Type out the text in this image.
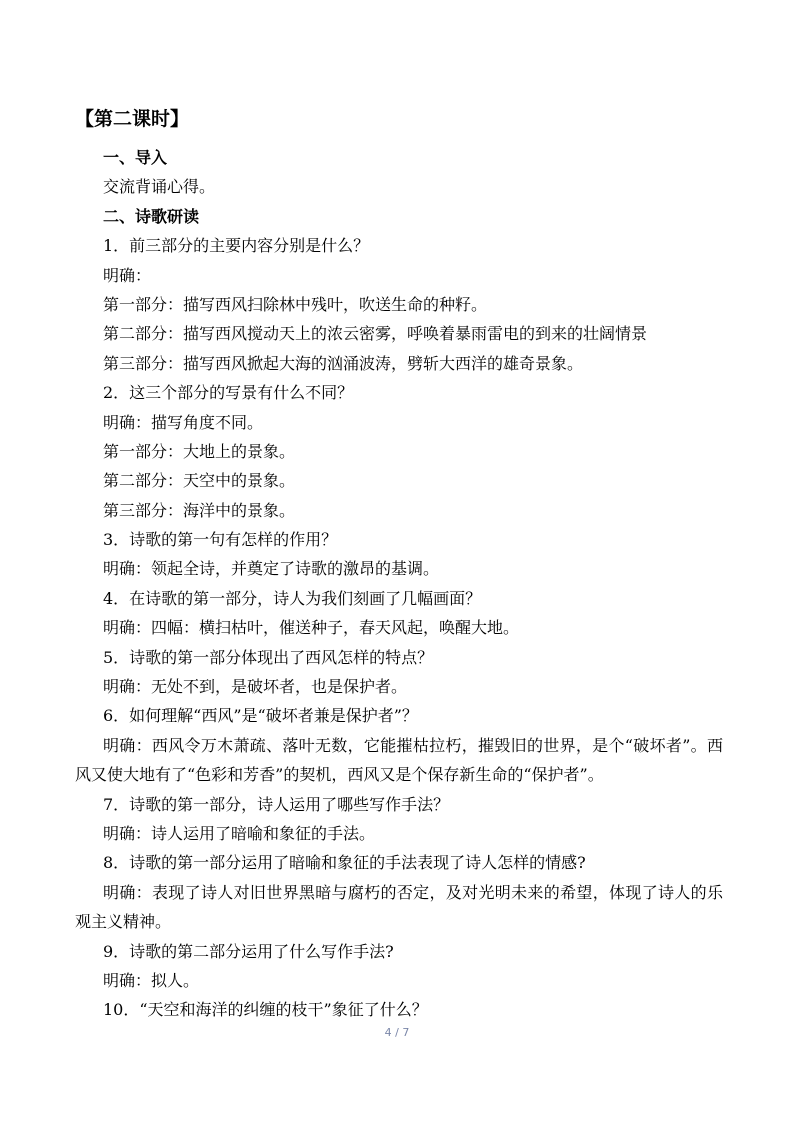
【第二课时】

一、导入

交流背诵心得。

二、诗歌研读

1．前三部分的主要内容分别是什么？

明确：

第一部分：描写西风扫除林中残叶，吹送生命的种籽。

第二部分：描写西风搅动天上的浓云密雾，呼唤着暴雨雷电的到来的壮阔情景

第三部分：描写西风掀起大海的汹涌波涛，劈斩大西洋的雄奇景象。

2．这三个部分的写景有什么不同？

明确：描写角度不同。

第一部分：大地上的景象。

第二部分：天空中的景象。

第三部分：海洋中的景象。

3．诗歌的第一句有怎样的作用？

明确：领起全诗，并奠定了诗歌的激昂的基调。

4．在诗歌的第一部分，诗人为我们刻画了几幅画面？

明确：四幅：横扫枯叶，催送种子，春天风起，唤醒大地。

5．诗歌的第一部分体现出了西风怎样的特点？

明确：无处不到，是破坏者，也是保护者。

6．如何理解“西风”是“破坏者兼是保护者”？

明确：西风令万木萧疏、落叶无数，它能摧枯拉朽，摧毁旧的世界，是个“破坏者”。西风又使大地有了“色彩和芳香”的契机，西风又是个保存新生命的“保护者”。

7．诗歌的第一部分，诗人运用了哪些写作手法？

明确：诗人运用了暗喻和象征的手法。

8．诗歌的第一部分运用了暗喻和象征的手法表现了诗人怎样的情感?

明确：表现了诗人对旧世界黑暗与腐朽的否定，及对光明未来的希望，体现了诗人的乐观主义精神。

9．诗歌的第二部分运用了什么写作手法?

明确：拟人。

10．“天空和海洋的纠缠的枝干”象征了什么？

4 / 7
